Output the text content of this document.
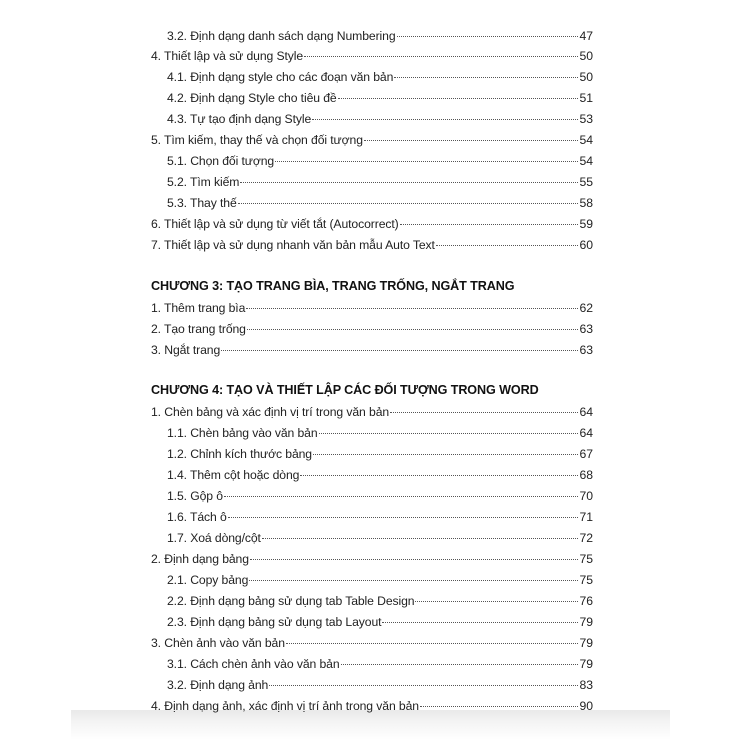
3.2. Định dạng danh sách dạng Numbering	47
4. Thiết lập và sử dụng Style	50
4.1. Định dạng style cho các đoạn văn bản	50
4.2. Định dạng Style cho tiêu đề	51
4.3. Tự tạo định dạng Style	53
5. Tìm kiếm, thay thế và chọn đối tượng	54
5.1. Chọn đối tượng	54
5.2. Tìm kiếm	55
5.3. Thay thế	58
6. Thiết lập và sử dụng từ viết tắt (Autocorrect)	59
7. Thiết lập và sử dụng nhanh văn bản mẫu Auto Text	60
CHƯƠNG 3: TẠO TRANG BÌA, TRANG TRỐNG, NGẮT TRANG
1. Thêm trang bìa	62
2. Tạo trang trống	63
3. Ngắt trang	63
CHƯƠNG 4: TẠO VÀ THIẾT LẬP CÁC ĐỐI TƯỢNG TRONG WORD
1. Chèn bảng và xác định vị trí trong văn bản	64
1.1. Chèn bảng vào văn bản	64
1.2. Chỉnh kích thước bảng	67
1.4. Thêm cột hoặc dòng	68
1.5. Gộp ô	70
1.6. Tách ô	71
1.7. Xoá dòng/cột	72
2. Định dạng bảng	75
2.1. Copy bảng	75
2.2. Định dạng bảng sử dụng tab Table Design	76
2.3. Định dạng bảng sử dụng tab Layout	79
3. Chèn ảnh vào văn bản	79
3.1. Cách chèn ảnh vào văn bản	79
3.2. Định dạng ảnh	83
4. Định dạng ảnh, xác định vị trí ảnh trong văn bản	90
